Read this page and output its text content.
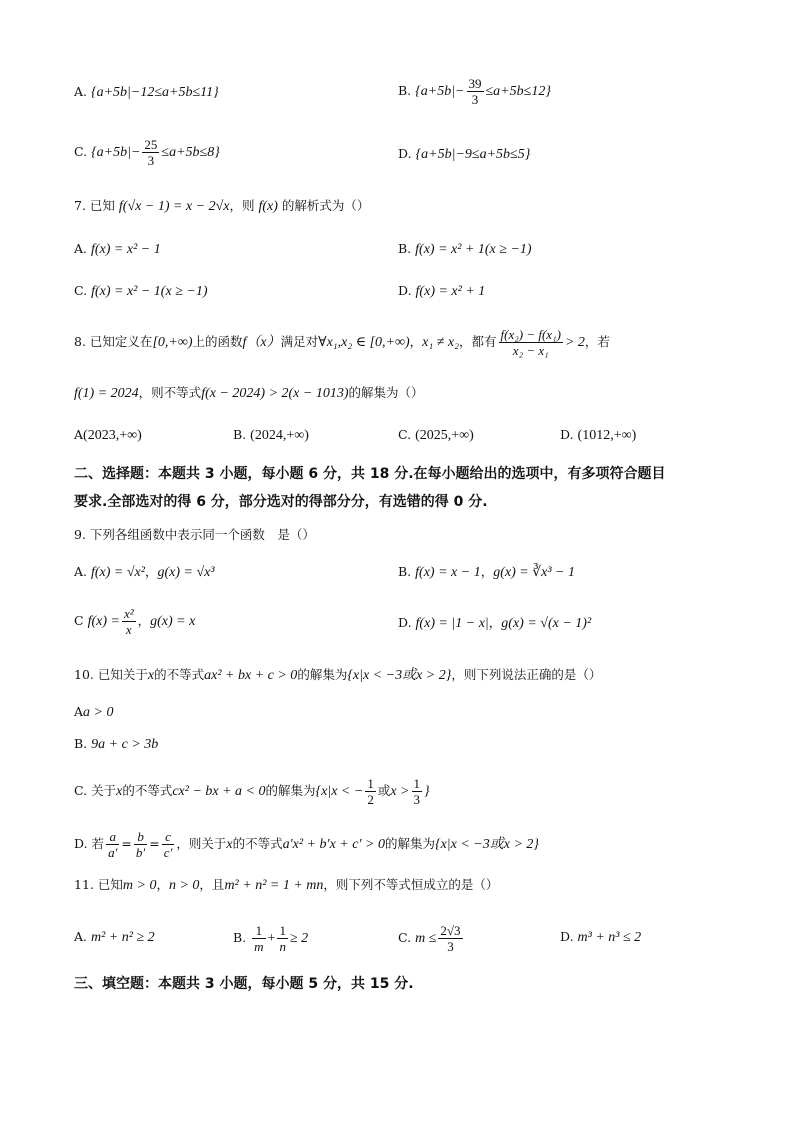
A. {a+5b|−12≤a+5b≤11}	B. $\{a+5b|- \frac{39}{3} \le a+5b\le 12\}$
C. $\{a+5b|- \frac{25}{3} \le a+5b\le 8\}$	D. {a+5b|−9≤a+5b≤5}
7. 已知 f(√x − 1) = x − 2√x，则 f(x) 的解析式为（）
A. f(x) = x² − 1	B. f(x) = x² + 1(x ≥ −1)
C. f(x) = x² − 1(x ≥ −1)	D. f(x) = x² + 1
8. 已知定义在[0,+∞)上的函数f（x）满足对∀x₁,x₂ ∈ [0,+∞)，x₁ ≠ x₂，都有 $\frac{\text{f(x₂) − f(x₁)}}{\text{x₂ − x₁}} > 2$，若
f(1) = 2024，则不等式f(x − 2024) > 2(x − 1013)的解集为（）
A(2023,+∞)	B. (2024,+∞)	C. (2025,+∞)	D. (1012,+∞)
二、选择题：本题共 3 小题，每小题 6 分，共 18 分.在每小题给出的选项中，有多项符合题目
要求.全部选对的得 6 分，部分选对的得部分分，有选错的得 0 分.
9. 下列各组函数中表示同一个函数　是（）
A. f(x) = √x²，g(x) = √x³	B. f(x) = x − 1，g(x) = ∛x³ − 1
C $f(x) = \frac{\text{x²}}{x}$ ，g(x) = x	D. f(x) = |1 − x|，g(x) = √(x − 1)²
10. 已知关于x的不等式ax² + bx + c > 0的解集为{x|x < −3或x > 2}，则下列说法正确的是（）
Aa > 0
B. 9a + c > 3b
C. 关于x的不等式cx² − bx + a < 0的解集为{x|x < − $\frac{1}{2}$ 或$x > \frac{1}{3}$ }
D. 若 $\frac{a}{a'} = \frac{b}{b'} = \frac{c}{c'}$ ，则关于x的不等式a′x² + b′x + c′ > 0的解集为{x|x < −3或x > 2}
11. 已知m > 0，n > 0，且m² + n² = 1 + mn，则下列不等式恒成立的是（）
A. m² + n² ≥ 2	B. $\frac{1}{m} + \frac{1}{n} \ge 2$	C. $m \le \frac{2√3}{3}$	D. m³ + n³ ≤ 2
三、填空题：本题共 3 小题，每小题 5 分，共 15 分.
